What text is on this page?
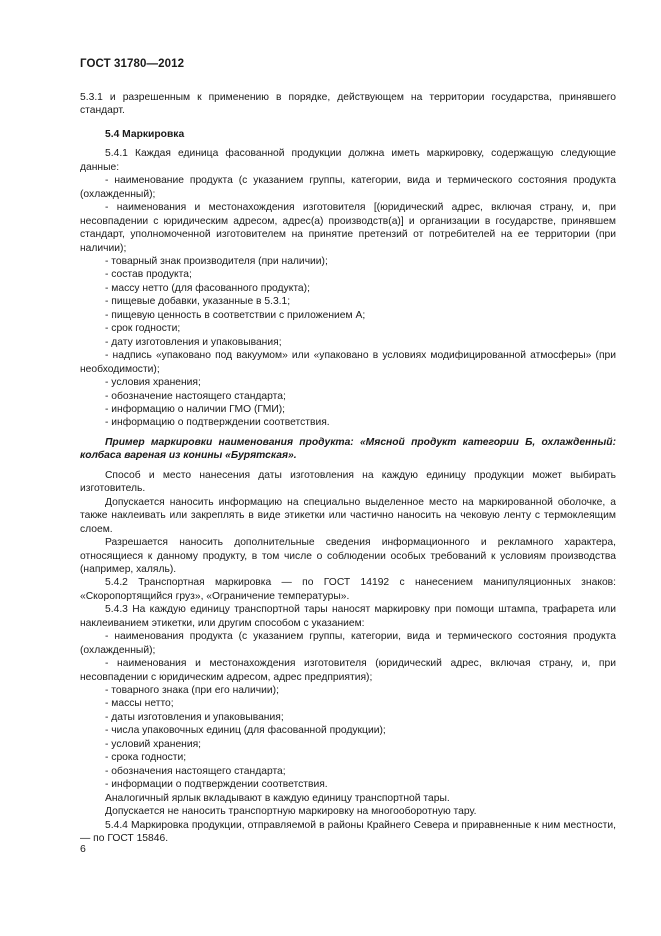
ГОСТ 31780—2012

5.3.1 и разрешенным к применению в порядке, действующем на территории государства, принявшего стандарт.

5.4 Маркировка

5.4.1 Каждая единица фасованной продукции должна иметь маркировку, содержащую следующие данные:

- наименование продукта (с указанием группы, категории, вида и термического состояния продукта (охлажденный);

- наименования и местонахождения изготовителя [(юридический адрес, включая страну, и, при несовпадении с юридическим адресом, адрес(а) производств(а)] и организации в государстве, принявшем стандарт, уполномоченной изготовителем на принятие претензий от потребителей на ее территории (при наличии);

- товарный знак производителя (при наличии);

- состав продукта;

- массу нетто (для фасованного продукта);

- пищевые добавки, указанные в 5.3.1;

- пищевую ценность в соответствии с приложением А;

- срок годности;

- дату изготовления и упаковывания;

- надпись «упаковано под вакуумом» или «упаковано в условиях модифицированной атмосферы» (при необходимости);

- условия хранения;

- обозначение настоящего стандарта;

- информацию о наличии ГМО (ГМИ);

- информацию о подтверждении соответствия.

Пример маркировки наименования продукта: «Мясной продукт категории Б, охлажденный: колбаса вареная из конины «Бурятская».

Способ и место нанесения даты изготовления на каждую единицу продукции может выбирать изготовитель.

Допускается наносить информацию на специально выделенное место на маркированной оболочке, а также наклеивать или закреплять в виде этикетки или частично наносить на чековую ленту с термоклеящим слоем.

Разрешается наносить дополнительные сведения информационного и рекламного характера, относящиеся к данному продукту, в том числе о соблюдении особых требований к условиям производства (например, халяль).

5.4.2 Транспортная маркировка — по ГОСТ 14192 с нанесением манипуляционных знаков: «Скоропортящийся груз», «Ограничение температуры».

5.4.3 На каждую единицу транспортной тары наносят маркировку при помощи штампа, трафарета или наклеиванием этикетки, или другим способом с указанием:

- наименования продукта (с указанием группы, категории, вида и термического состояния продукта (охлажденный);

- наименования и местонахождения изготовителя (юридический адрес, включая страну, и, при несовпадении с юридическим адресом, адрес предприятия);

- товарного знака (при его наличии);

- массы нетто;

- даты изготовления и упаковывания;

- числа упаковочных единиц (для фасованной продукции);

- условий хранения;

- срока годности;

- обозначения настоящего стандарта;

- информации о подтверждении соответствия.

Аналогичный ярлык вкладывают в каждую единицу транспортной тары.

Допускается не наносить транспортную маркировку на многооборотную тару.

5.4.4 Маркировка продукции, отправляемой в районы Крайнего Севера и приравненные к ним местности, — по ГОСТ 15846.

6
